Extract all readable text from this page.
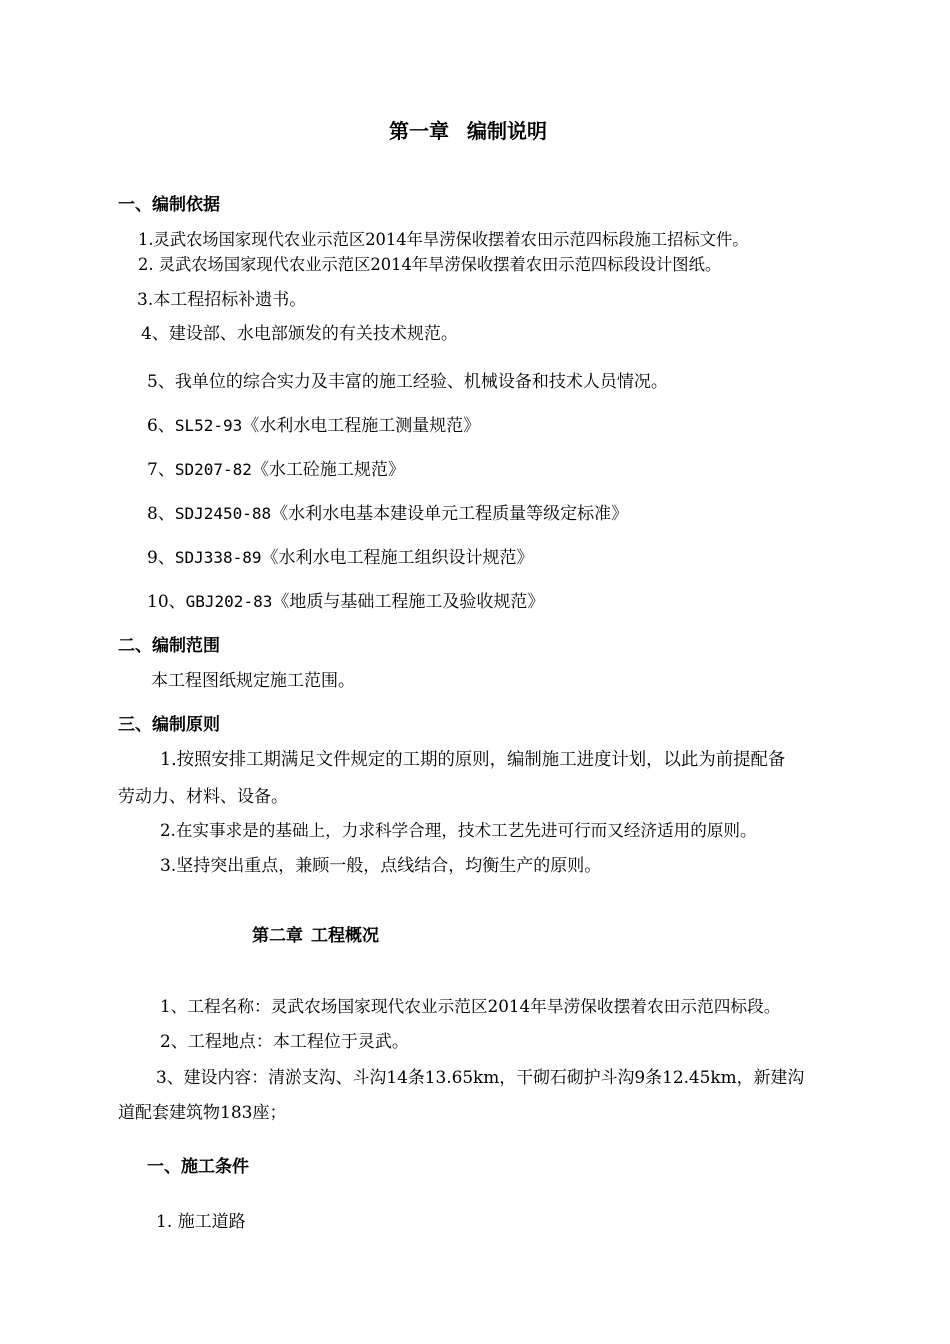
第一章 编制说明
一、编制依据
1.灵武农场国家现代农业示范区2014年旱涝保收摆着农田示范四标段施工招标文件。
2. 灵武农场国家现代农业示范区2014年旱涝保收摆着农田示范四标段设计图纸。
3.本工程招标补遗书。
4、建设部、水电部颁发的有关技术规范。
5、我单位的综合实力及丰富的施工经验、机械设备和技术人员情况。
6、SL52-93《水利水电工程施工测量规范》
7、SD207-82《水工砼施工规范》
8、SDJ2450-88《水利水电基本建设单元工程质量等级定标准》
9、SDJ338-89《水利水电工程施工组织设计规范》
10、GBJ202-83《地质与基础工程施工及验收规范》
二、编制范围
本工程图纸规定施工范围。
三、编制原则
1.按照安排工期满足文件规定的工期的原则，编制施工进度计划，以此为前提配备
劳动力、材料、设备。
2.在实事求是的基础上，力求科学合理，技术工艺先进可行而又经济适用的原则。
3.坚持突出重点，兼顾一般，点线结合，均衡生产的原则。
第二章 工程概况
1、工程名称：灵武农场国家现代农业示范区2014年旱涝保收摆着农田示范四标段。
2、工程地点：本工程位于灵武。
3、建设内容：清淤支沟、斗沟14条13.65km，干砌石砌护斗沟9条12.45km，新建沟
道配套建筑物183座；
一、施工条件
1. 施工道路
